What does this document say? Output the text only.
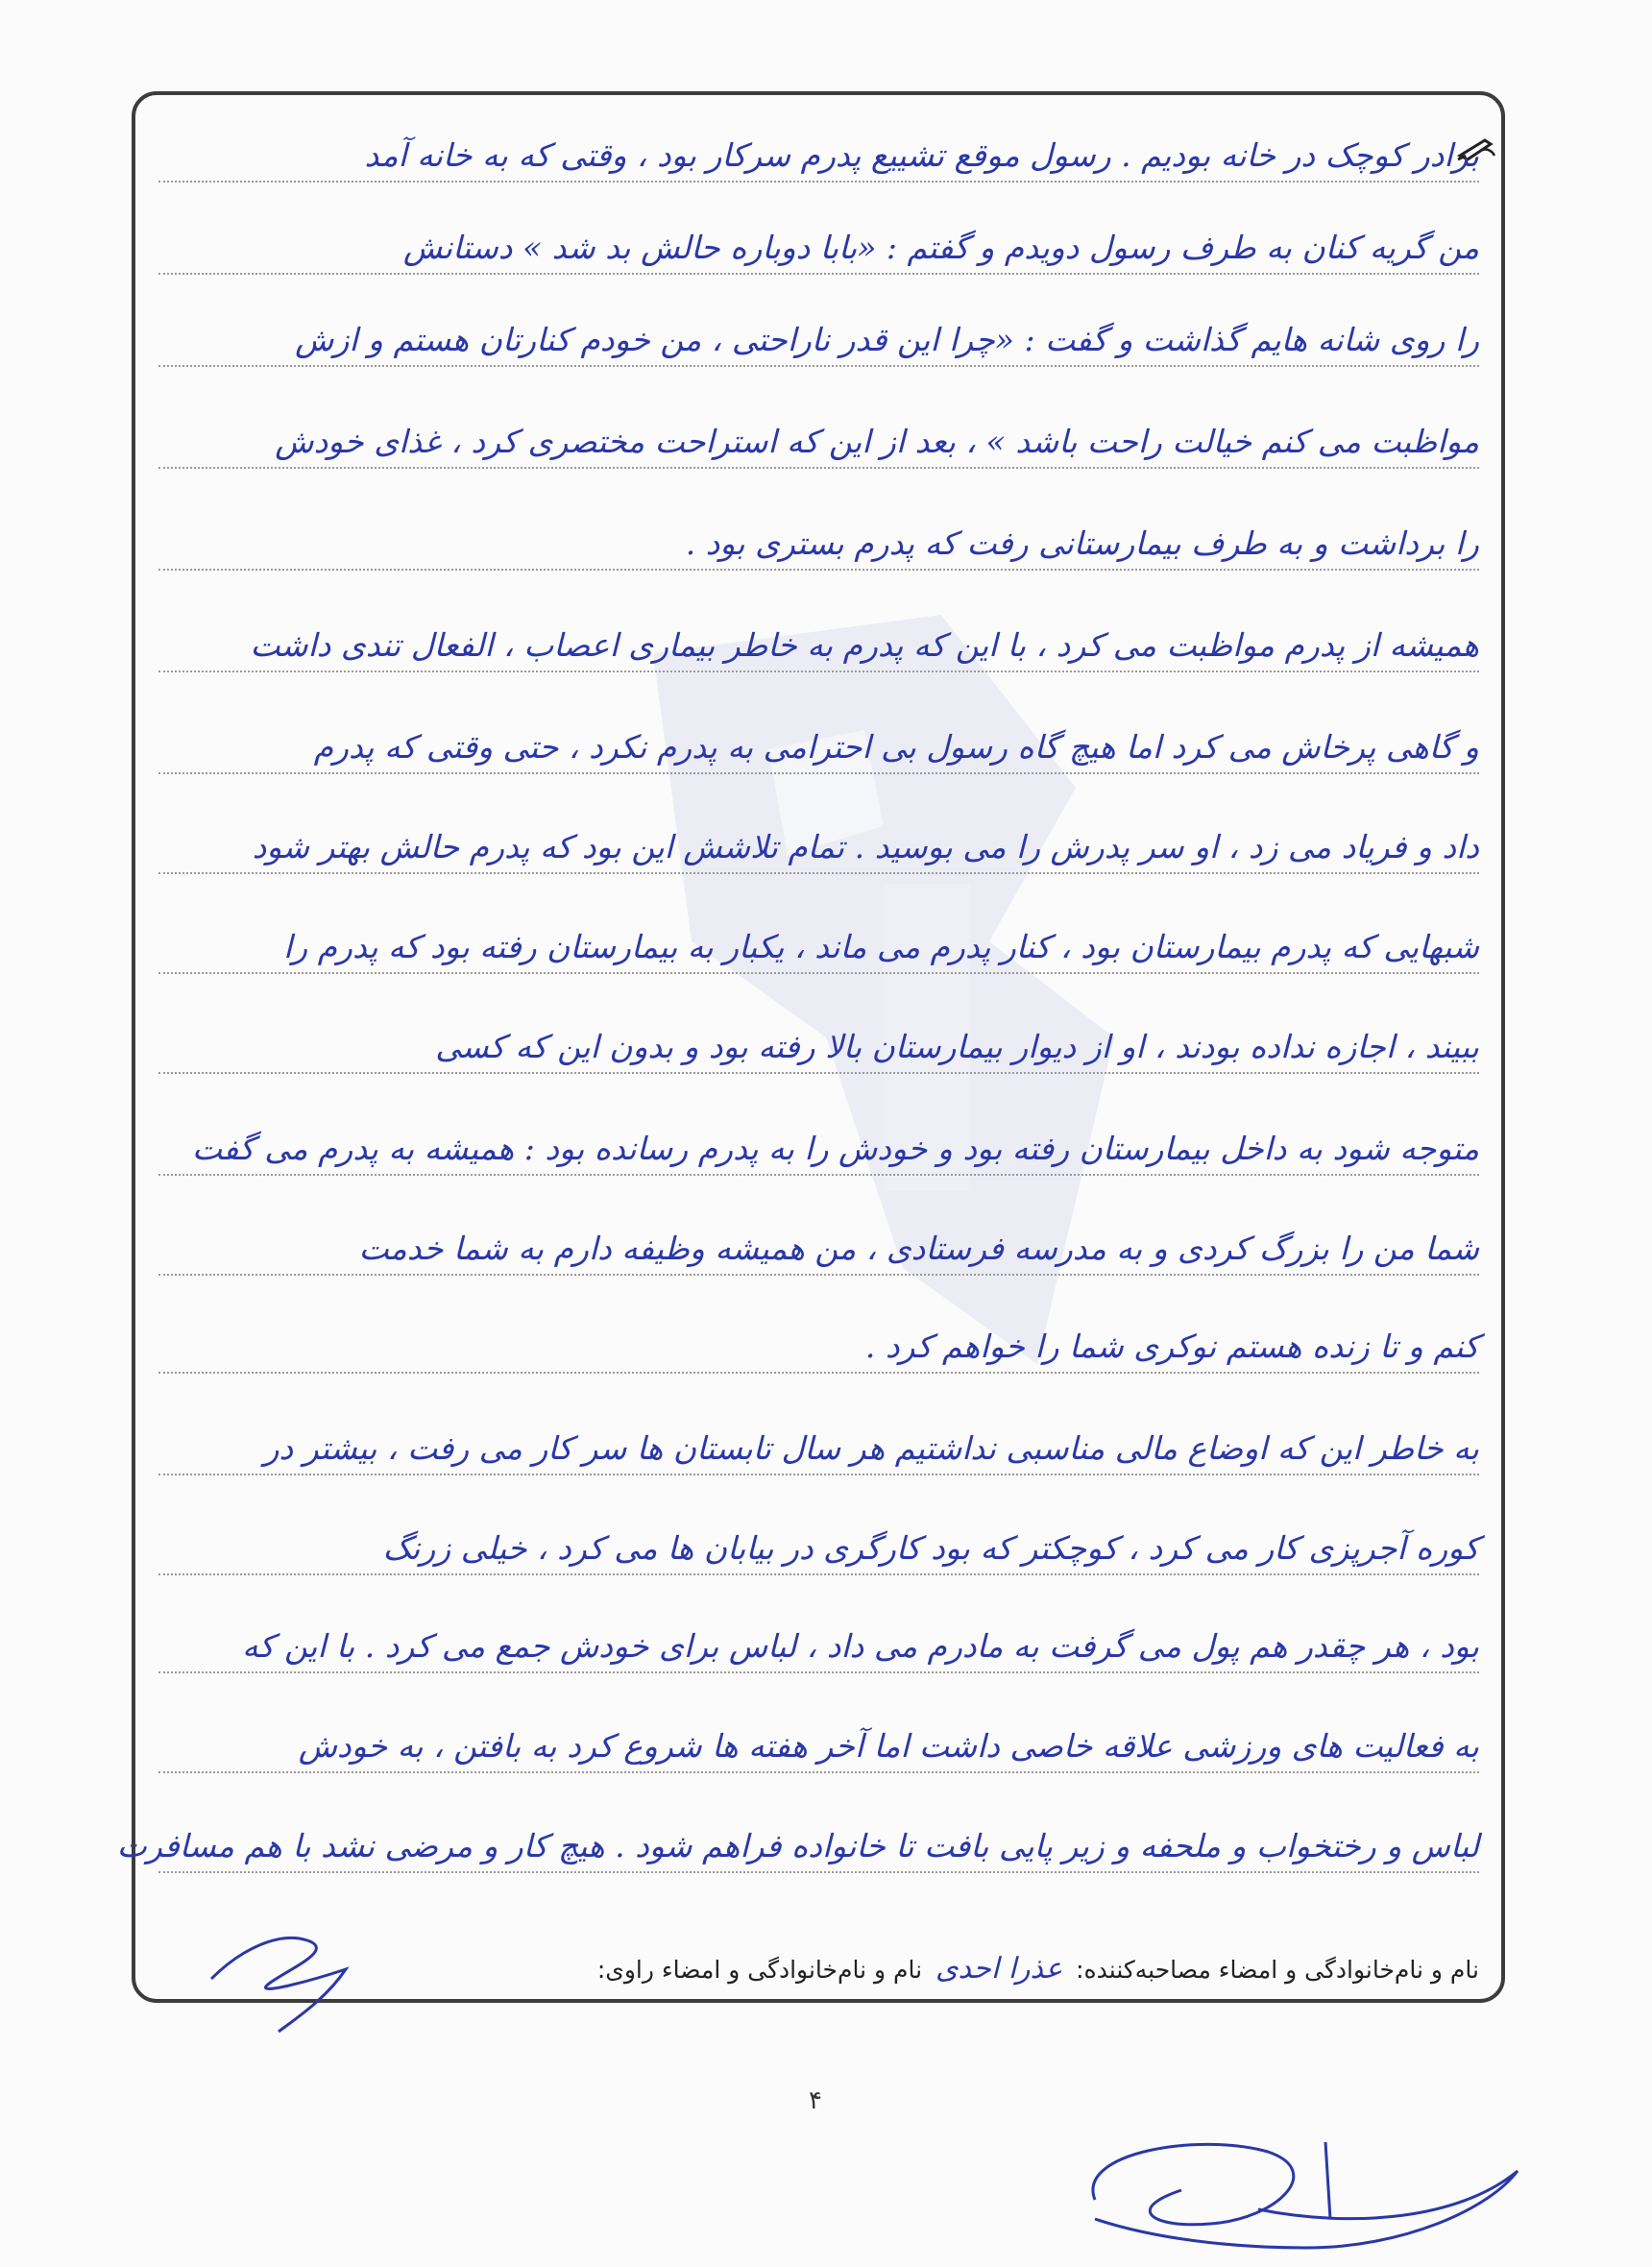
برادر کوچک در خانه بودیم . رسول موقع تشییع پدرم سرکار بود ، وقتی که به خانه آمد
من گریه کنان به طرف رسول دویدم و گفتم : «بابا دوباره حالش بد شد » دستانش
را روی شانه هایم گذاشت و گفت : «چرا این قدر ناراحتی ، من خودم کنارتان هستم و ازش
مواظبت می کنم خیالت راحت باشد » ، بعد از این که استراحت مختصری کرد ، غذای خودش
را برداشت و به طرف بیمارستانی رفت که پدرم بستری بود .
همیشه از پدرم مواظبت می کرد ، با این که پدرم به خاطر بیماری اعصاب ، الفعال تندی داشت
و گاهی پرخاش می کرد اما هیچ گاه رسول بی احترامی به پدرم نکرد ، حتی وقتی که پدرم
داد و فریاد می زد ، او سر پدرش را می بوسید . تمام تلاشش این بود که پدرم حالش بهتر شود
شبهایی که پدرم بیمارستان بود ، کنار پدرم می ماند ، یکبار به بیمارستان رفته بود که پدرم را
ببیند ، اجازه نداده بودند ، او از دیوار بیمارستان بالا رفته بود و بدون این که کسی
متوجه شود به داخل بیمارستان رفته بود و خودش را به پدرم رسانده بود : همیشه به پدرم می گفت
شما من را بزرگ کردی و به مدرسه فرستادی ، من همیشه وظیفه دارم به شما خدمت
کنم و تا زنده هستم نوکری شما را خواهم کرد .
به خاطر این که اوضاع مالی مناسبی نداشتیم هر سال تابستان ها سر کار می رفت ، بیشتر در
کوره آجرپزی کار می کرد ، کوچکتر که بود کارگری در بیابان ها می کرد ، خیلی زرنگ
بود ، هر چقدر هم پول می گرفت به مادرم می داد ، لباس برای خودش جمع می کرد . با این که
به فعالیت های ورزشی علاقه خاصی داشت اما آخر هفته ها شروع کرد به بافتن ، به خودش
لباس و رختخواب و ملحفه و زیر پایی بافت تا خانواده فراهم شود . هیچ کار و مرضی نشد با هم مسافرت
نام و نام‌خانوادگی و امضاء مصاحبه‌کننده: عذرا احدی نام و نام‌خانوادگی و امضاء راوی:
۴
